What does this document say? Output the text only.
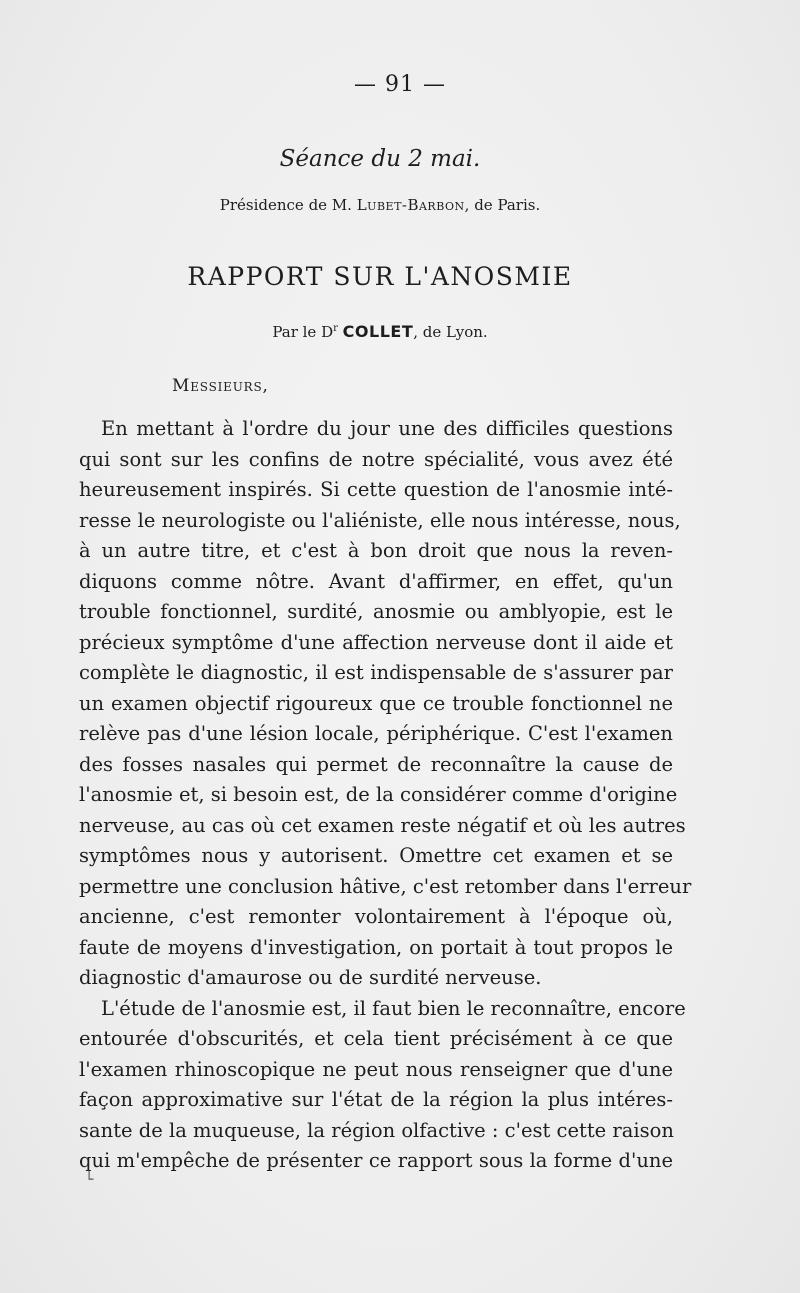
— 91 —
Séance du 2 mai.
Présidence de M. Lubet-Barbon, de Paris.
RAPPORT SUR L'ANOSMIE
Par le $D^r$ COLLET, de Lyon.
Messieurs,
En mettant à l'ordre du jour une des difficiles questions
qui sont sur les confins de notre spécialité, vous avez été
heureusement inspirés. Si cette question de l'anosmie inté-
resse le neurologiste ou l'aliéniste, elle nous intéresse, nous,
à un autre titre, et c'est à bon droit que nous la reven-
diquons comme nôtre. Avant d'affirmer, en effet, qu'un
trouble fonctionnel, surdité, anosmie ou amblyopie, est le
précieux symptôme d'une affection nerveuse dont il aide et
complète le diagnostic, il est indispensable de s'assurer par
un examen objectif rigoureux que ce trouble fonctionnel ne
relève pas d'une lésion locale, périphérique. C'est l'examen
des fosses nasales qui permet de reconnaître la cause de
l'anosmie et, si besoin est, de la considérer comme d'origine
nerveuse, au cas où cet examen reste négatif et où les autres
symptômes nous y autorisent. Omettre cet examen et se
permettre une conclusion hâtive, c'est retomber dans l'erreur
ancienne, c'est remonter volontairement à l'époque où,
faute de moyens d'investigation, on portait à tout propos le
diagnostic d'amaurose ou de surdité nerveuse.
L'étude de l'anosmie est, il faut bien le reconnaître, encore
entourée d'obscurités, et cela tient précisément à ce que
l'examen rhinoscopique ne peut nous renseigner que d'une
façon approximative sur l'état de la région la plus intéres-
sante de la muqueuse, la région olfactive : c'est cette raison
qui m'empêche de présenter ce rapport sous la forme d'une
└
